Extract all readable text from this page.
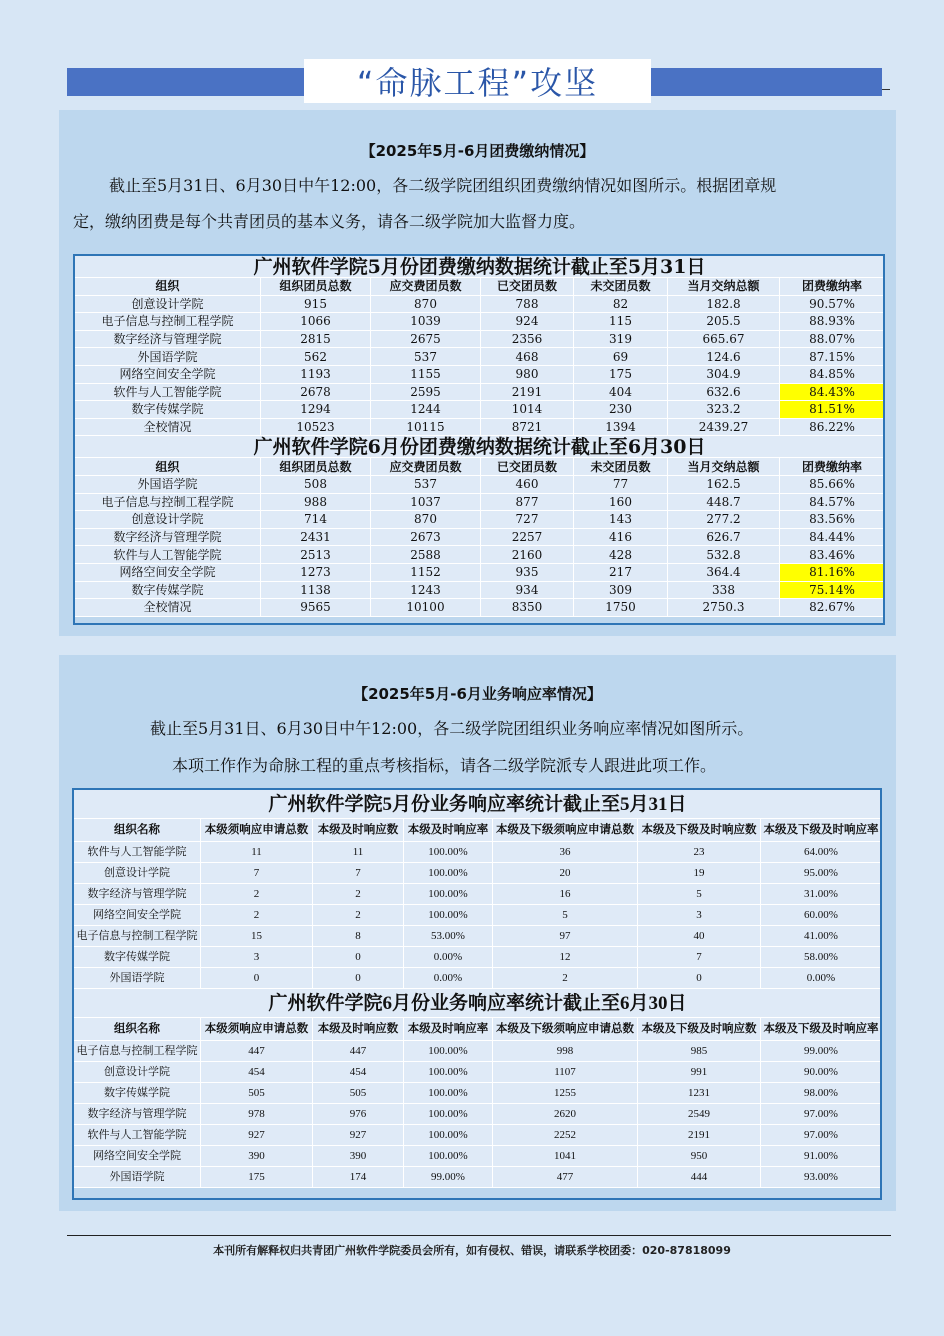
“命脉工程”攻坚
【2025年5月-6月团费缴纳情况】
截止至5月31日、6月30日中午12:00，各二级学院团组织团费缴纳情况如图所示。根据团章规
定，缴纳团费是每个共青团员的基本义务，请各二级学院加大监督力度。
广州软件学院5月份团费缴纳数据统计截止至5月31日						
组织	组织团员总数	应交费团员数	已交团员数	未交团员数	当月交纳总额	团费缴纳率
创意设计学院	915	870	788	82	182.8	90.57%
电子信息与控制工程学院	1066	1039	924	115	205.5	88.93%
数字经济与管理学院	2815	2675	2356	319	665.67	88.07%
外国语学院	562	537	468	69	124.6	87.15%
网络空间安全学院	1193	1155	980	175	304.9	84.85%
软件与人工智能学院	2678	2595	2191	404	632.6	84.43%
数字传媒学院	1294	1244	1014	230	323.2	81.51%
全校情况	10523	10115	8721	1394	2439.27	86.22%
广州软件学院6月份团费缴纳数据统计截止至6月30日						
组织	组织团员总数	应交费团员数	已交团员数	未交团员数	当月交纳总额	团费缴纳率
外国语学院	508	537	460	77	162.5	85.66%
电子信息与控制工程学院	988	1037	877	160	448.7	84.57%
创意设计学院	714	870	727	143	277.2	83.56%
数字经济与管理学院	2431	2673	2257	416	626.7	84.44%
软件与人工智能学院	2513	2588	2160	428	532.8	83.46%
网络空间安全学院	1273	1152	935	217	364.4	81.16%
数字传媒学院	1138	1243	934	309	338	75.14%
全校情况	9565	10100	8350	1750	2750.3	82.67%
【2025年5月-6月业务响应率情况】
截止至5月31日、6月30日中午12:00，各二级学院团组织业务响应率情况如图所示。
本项工作作为命脉工程的重点考核指标，请各二级学院派专人跟进此项工作。
广州软件学院5月份业务响应率统计截止至5月31日						
组织名称	本级须响应申请总数	本级及时响应数	本级及时响应率	本级及下级须响应申请总数	本级及下级及时响应数	本级及下级及时响应率
软件与人工智能学院	11	11	100.00%	36	23	64.00%
创意设计学院	7	7	100.00%	20	19	95.00%
数字经济与管理学院	2	2	100.00%	16	5	31.00%
网络空间安全学院	2	2	100.00%	5	3	60.00%
电子信息与控制工程学院	15	8	53.00%	97	40	41.00%
数字传媒学院	3	0	0.00%	12	7	58.00%
外国语学院	0	0	0.00%	2	0	0.00%
广州软件学院6月份业务响应率统计截止至6月30日						
组织名称	本级须响应申请总数	本级及时响应数	本级及时响应率	本级及下级须响应申请总数	本级及下级及时响应数	本级及下级及时响应率
电子信息与控制工程学院	447	447	100.00%	998	985	99.00%
创意设计学院	454	454	100.00%	1107	991	90.00%
数字传媒学院	505	505	100.00%	1255	1231	98.00%
数字经济与管理学院	978	976	100.00%	2620	2549	97.00%
软件与人工智能学院	927	927	100.00%	2252	2191	97.00%
网络空间安全学院	390	390	100.00%	1041	950	91.00%
外国语学院	175	174	99.00%	477	444	93.00%
本刊所有解释权归共青团广州软件学院委员会所有，如有侵权、错误，请联系学校团委：020-87818099
